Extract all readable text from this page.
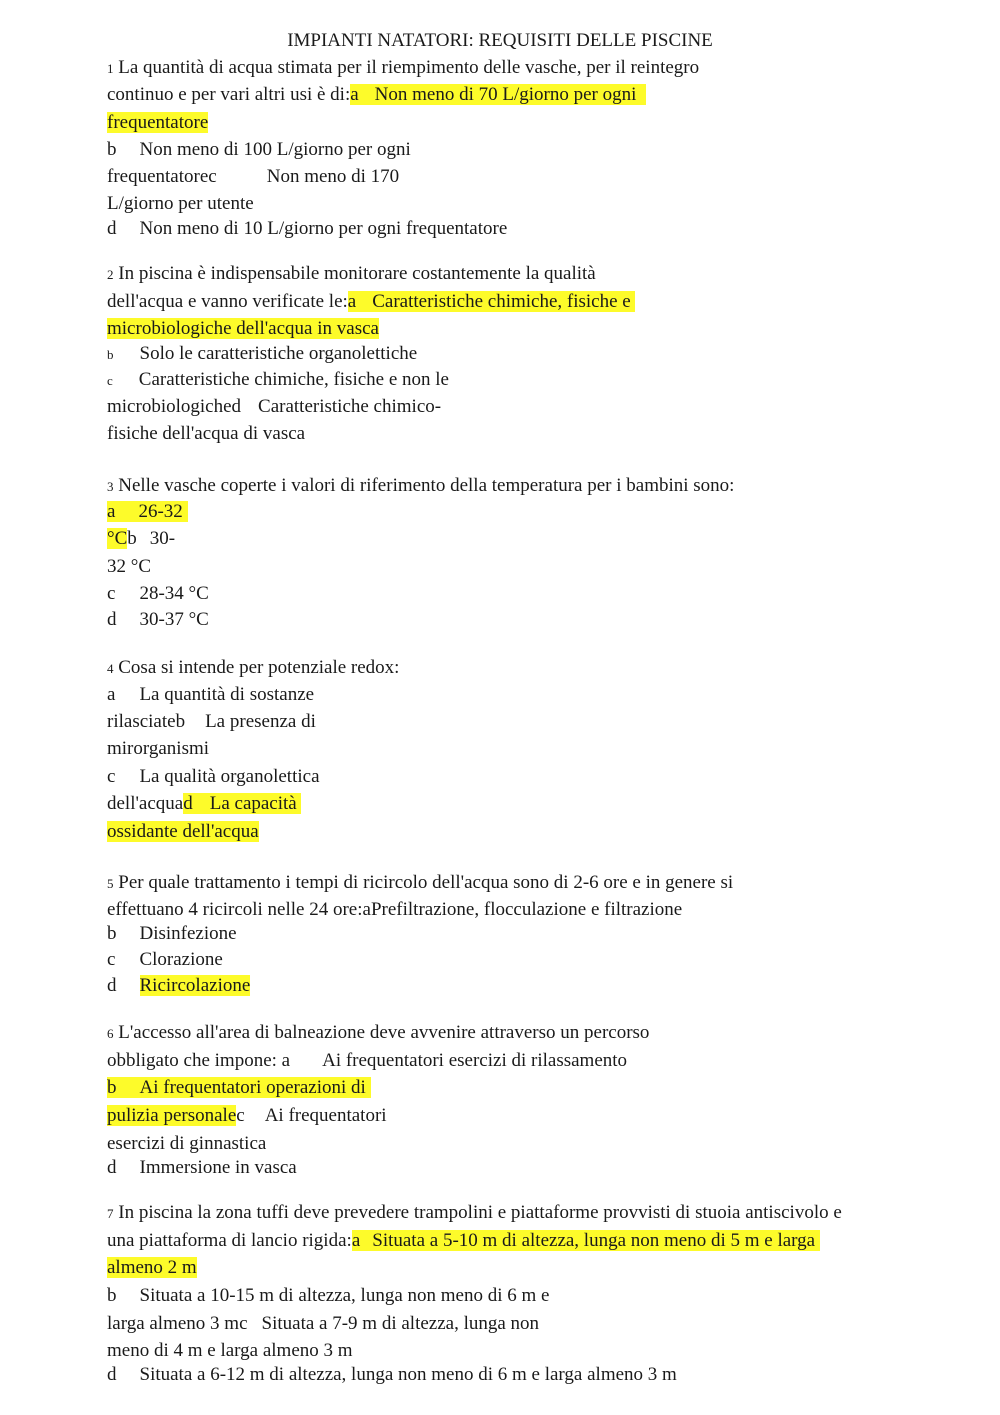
IMPIANTI NATATORI: REQUISITI DELLE PISCINE
1 La quantità di acqua stimata per il riempimento delle vasche, per il reintegro
continuo e per vari altri usi è di:a Non meno di 70 L/giorno per ogni
frequentatore
b Non meno di 100 L/giorno per ogni
frequentatorec	Non meno di 170
L/giorno per utente
d Non meno di 10 L/giorno per ogni frequentatore
2 In piscina è indispensabile monitorare costantemente la qualità
dell'acqua e vanno verificate le:a Caratteristiche chimiche, fisiche e
microbiologiche dell'acqua in vasca
b Solo le caratteristiche organolettiche
c Caratteristiche chimiche, fisiche e non le
microbiologiched Caratteristiche chimico-
fisiche dell'acqua di vasca
3 Nelle vasche coperte i valori di riferimento della temperatura per i bambini sono:
a 26-32
°Cb 30-
32 °C
c 28-34 °C
d 30-37 °C
4 Cosa si intende per potenziale redox:
a La quantità di sostanze
rilasciateb La presenza di
mirorganismi
c La qualità organolettica
dell'acquad La capacità
ossidante dell'acqua
5 Per quale trattamento i tempi di ricircolo dell'acqua sono di 2-6 ore e in genere si
effettuano 4 ricircoli nelle 24 ore:aPrefiltrazione, flocculazione e filtrazione
b Disinfezione
c Clorazione
d Ricircolazione
6 L'accesso all'area di balneazione deve avvenire attraverso un percorso
obbligato che impone: a Ai frequentatori esercizi di rilassamento
b Ai frequentatori operazioni di
pulizia personalec Ai frequentatori
esercizi di ginnastica
d Immersione in vasca
7 In piscina la zona tuffi deve prevedere trampolini e piattaforme provvisti di stuoia antiscivolo e
una piattaforma di lancio rigida:a Situata a 5-10 m di altezza, lunga non meno di 5 m e larga
almeno 2 m
b Situata a 10-15 m di altezza, lunga non meno di 6 m e
larga almeno 3 mc Situata a 7-9 m di altezza, lunga non
meno di 4 m e larga almeno 3 m
d Situata a 6-12 m di altezza, lunga non meno di 6 m e larga almeno 3 m
